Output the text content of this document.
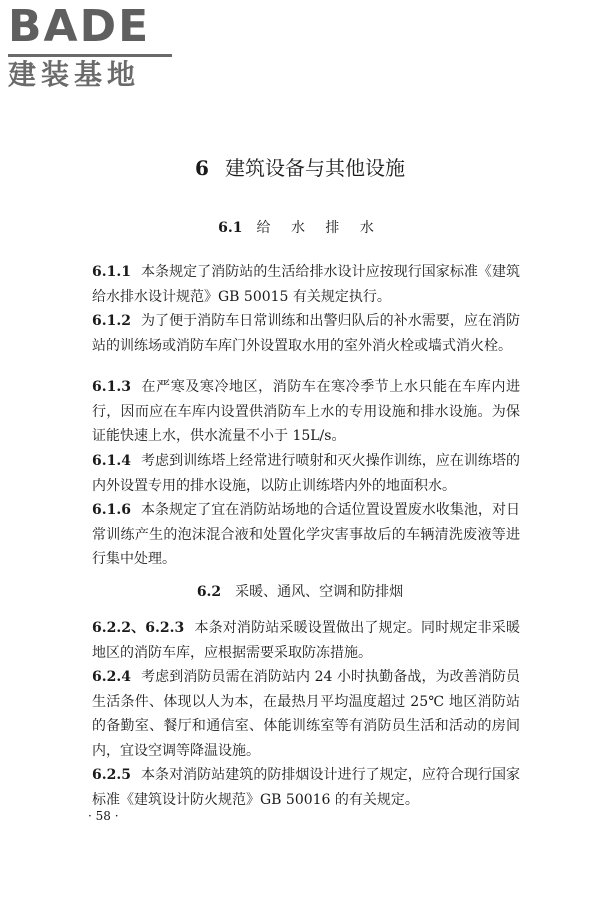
BADE
建装基地
6 建筑设备与其他设施
6.1 给 水 排 水

6.1.1 本条规定了消防站的生活给排水设计应按现行国家标准《建筑给水排水设计规范》GB 50015 有关规定执行。

6.1.2 为了便于消防车日常训练和出警归队后的补水需要，应在消防站的训练场或消防车库门外设置取水用的室外消火栓或墙式消火栓。

6.1.3 在严寒及寒冷地区，消防车在寒冷季节上水只能在车库内进行，因而应在车库内设置供消防车上水的专用设施和排水设施。为保证能快速上水，供水流量不小于 15L/s。

6.1.4 考虑到训练塔上经常进行喷射和灭火操作训练，应在训练塔的内外设置专用的排水设施，以防止训练塔内外的地面积水。

6.1.6 本条规定了宜在消防站场地的合适位置设置废水收集池，对日常训练产生的泡沫混合液和处置化学灾害事故后的车辆清洗废液等进行集中处理。

6.2 采暖、通风、空调和防排烟

6.2.2、6.2.3 本条对消防站采暖设置做出了规定。同时规定非采暖地区的消防车库，应根据需要采取防冻措施。

6.2.4 考虑到消防员需在消防站内 24 小时执勤备战，为改善消防员生活条件、体现以人为本，在最热月平均温度超过 25℃ 地区消防站的备勤室、餐厅和通信室、体能训练室等有消防员生活和活动的房间内，宜设空调等降温设施。

6.2.5 本条对消防站建筑的防排烟设计进行了规定，应符合现行国家标准《建筑设计防火规范》GB 50016 的有关规定。

· 58 ·
